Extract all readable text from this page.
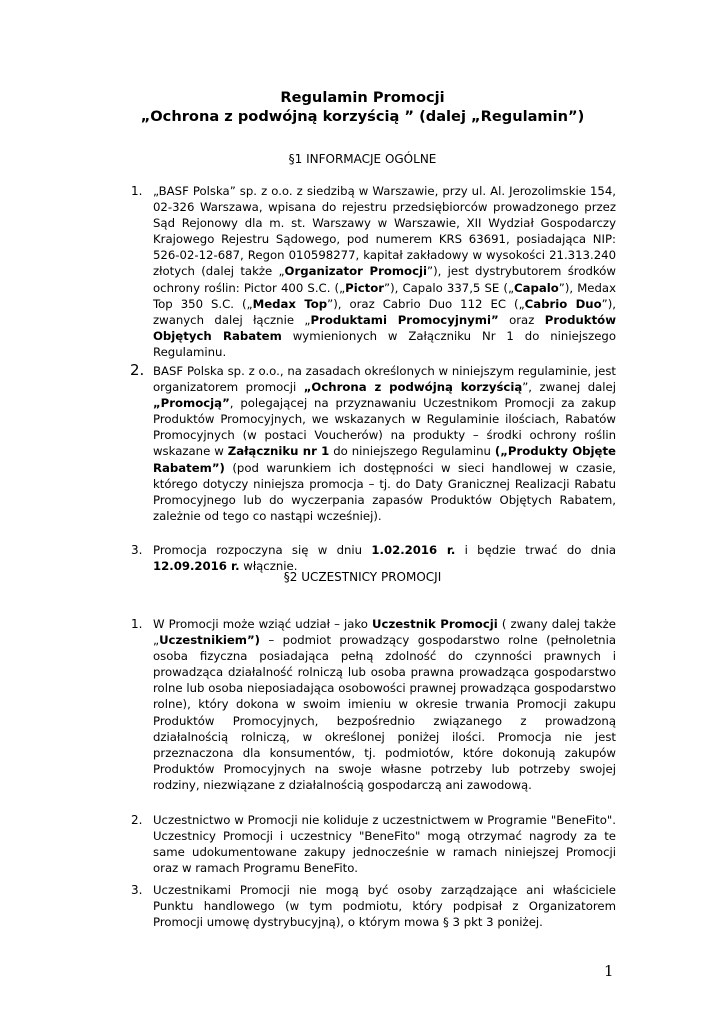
Regulamin Promocji
„Ochrona z podwójną korzyścią ” (dalej „Regulamin”)
§1 INFORMACJE OGÓLNE
1. „BASF Polska” sp. z o.o. z siedzibą w Warszawie, przy ul. Al. Jerozolimskie 154, 02-326 Warszawa, wpisana do rejestru przedsiębiorców prowadzonego przez Sąd Rejonowy dla m. st. Warszawy w Warszawie, XII Wydział Gospodarczy Krajowego Rejestru Sądowego, pod numerem KRS 63691, posiadająca NIP: 526-02-12-687, Regon 010598277, kapitał zakładowy w wysokości 21.313.240 złotych (dalej także „Organizator Promocji”), jest dystrybutorem środków ochrony roślin: Pictor 400 S.C. („Pictor”), Capalo 337,5 SE („Capalo”), Medax Top 350 S.C. („Medax Top”), oraz Cabrio Duo 112 EC („Cabrio Duo”), zwanych dalej łącznie „Produktami Promocyjnymi” oraz Produktów Objętych Rabatem wymienionych w Załączniku Nr 1 do niniejszego Regulaminu.

2. BASF Polska sp. z o.o., na zasadach określonych w niniejszym regulaminie, jest organizatorem promocji „Ochrona z podwójną korzyścią”, zwanej dalej „Promocją”, polegającej na przyznawaniu Uczestnikom Promocji za zakup Produktów Promocyjnych, we wskazanych w Regulaminie ilościach, Rabatów Promocyjnych (w postaci Voucherów) na produkty – środki ochrony roślin wskazane w Załączniku nr 1 do niniejszego Regulaminu („Produkty Objęte Rabatem”) (pod warunkiem ich dostępności w sieci handlowej w czasie, którego dotyczy niniejsza promocja – tj. do Daty Granicznej Realizacji Rabatu Promocyjnego lub do wyczerpania zapasów Produktów Objętych Rabatem, zależnie od tego co nastąpi wcześniej).

3. Promocja rozpoczyna się w dniu 1.02.2016 r. i będzie trwać do dnia 12.09.2016 r. włącznie.

§2 UCZESTNICY PROMOCJI
1. W Promocji może wziąć udział – jako Uczestnik Promocji ( zwany dalej także „Uczestnikiem”) – podmiot prowadzący gospodarstwo rolne (pełnoletnia osoba fizyczna posiadająca pełną zdolność do czynności prawnych i prowadząca działalność rolniczą lub osoba prawna prowadząca gospodarstwo rolne lub osoba nieposiadająca osobowości prawnej prowadząca gospodarstwo rolne), który dokona w swoim imieniu w okresie trwania Promocji zakupu Produktów Promocyjnych, bezpośrednio związanego z prowadzoną działalnością rolniczą, w określonej poniżej ilości. Promocja nie jest przeznaczona dla konsumentów, tj. podmiotów, które dokonują zakupów Produktów Promocyjnych na swoje własne potrzeby lub potrzeby swojej rodziny, niezwiązane z działalnością gospodarczą ani zawodową.

2. Uczestnictwo w Promocji nie koliduje z uczestnictwem w Programie "BeneFito". Uczestnicy Promocji i uczestnicy "BeneFito" mogą otrzymać nagrody za te same udokumentowane zakupy jednocześnie w ramach niniejszej Promocji oraz w ramach Programu BeneFito.

3. Uczestnikami Promocji nie mogą być osoby zarządzające ani właściciele Punktu handlowego (w tym podmiotu, który podpisał z Organizatorem Promocji umowę dystrybucyjną), o którym mowa § 3 pkt 3 poniżej.

1
